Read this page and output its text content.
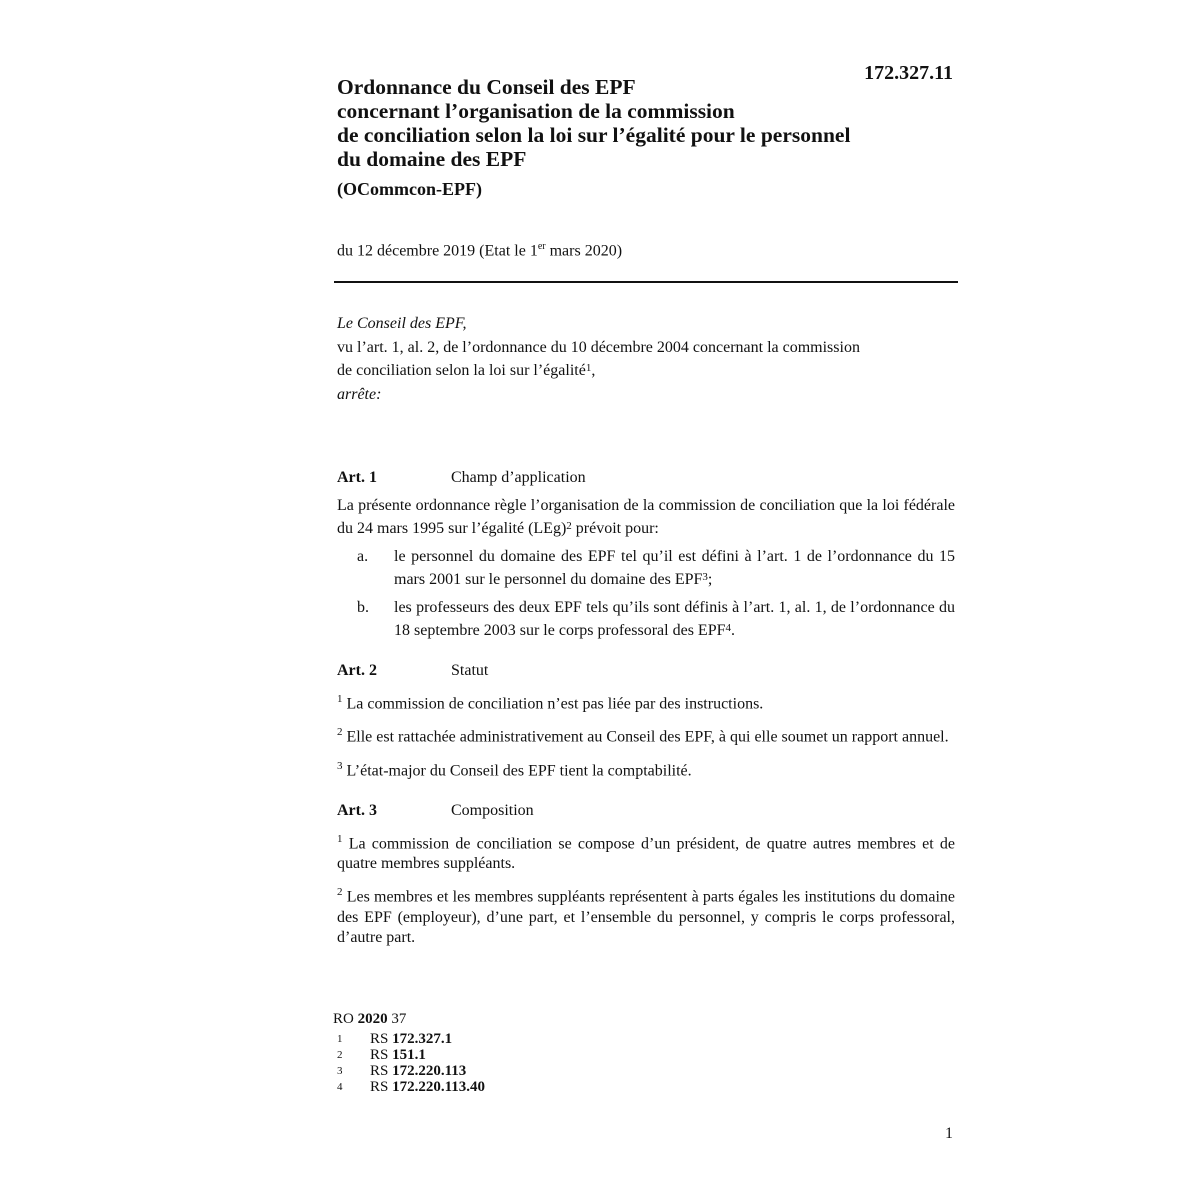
172.327.11
Ordonnance du Conseil des EPF
concernant l’organisation de la commission
de conciliation selon la loi sur l’égalité pour le personnel
du domaine des EPF
(OCommcon-EPF)
du 12 décembre 2019 (Etat le 1er mars 2020)
Le Conseil des EPF,

vu l’art. 1, al. 2, de l’ordonnance du 10 décembre 2004 concernant la commission
de conciliation selon la loi sur l’égalité$^1$,

arrête:
Art. 1	Champ d’application

La présente ordonnance règle l’organisation de la commission de conciliation que la loi fédérale du 24 mars 1995 sur l’égalité (LEg)$^2$ prévoit pour:

a.	le personnel du domaine des EPF tel qu’il est défini à l’art. 1 de l’ordonnance du 15 mars 2001 sur le personnel du domaine des EPF$^3$;
b.	les professeurs des deux EPF tels qu’ils sont définis à l’art. 1, al. 1, de l’ordonnance du 18 septembre 2003 sur le corps professoral des EPF$^4$.
Art. 2	Statut

$^1$ La commission de conciliation n’est pas liée par des instructions.

$^2$ Elle est rattachée administrativement au Conseil des EPF, à qui elle soumet un rapport annuel.

$^3$ L’état-major du Conseil des EPF tient la comptabilité.

Art. 3	Composition

$^1$ La commission de conciliation se compose d’un président, de quatre autres membres et de quatre membres suppléants.

$^2$ Les membres et les membres suppléants représentent à parts égales les institutions du domaine des EPF (employeur), d’une part, et l’ensemble du personnel, y compris le corps professoral, d’autre part.

RO 2020 37
1	RS 172.327.1
2	RS 151.1
3	RS 172.220.113
4	RS 172.220.113.40
1
